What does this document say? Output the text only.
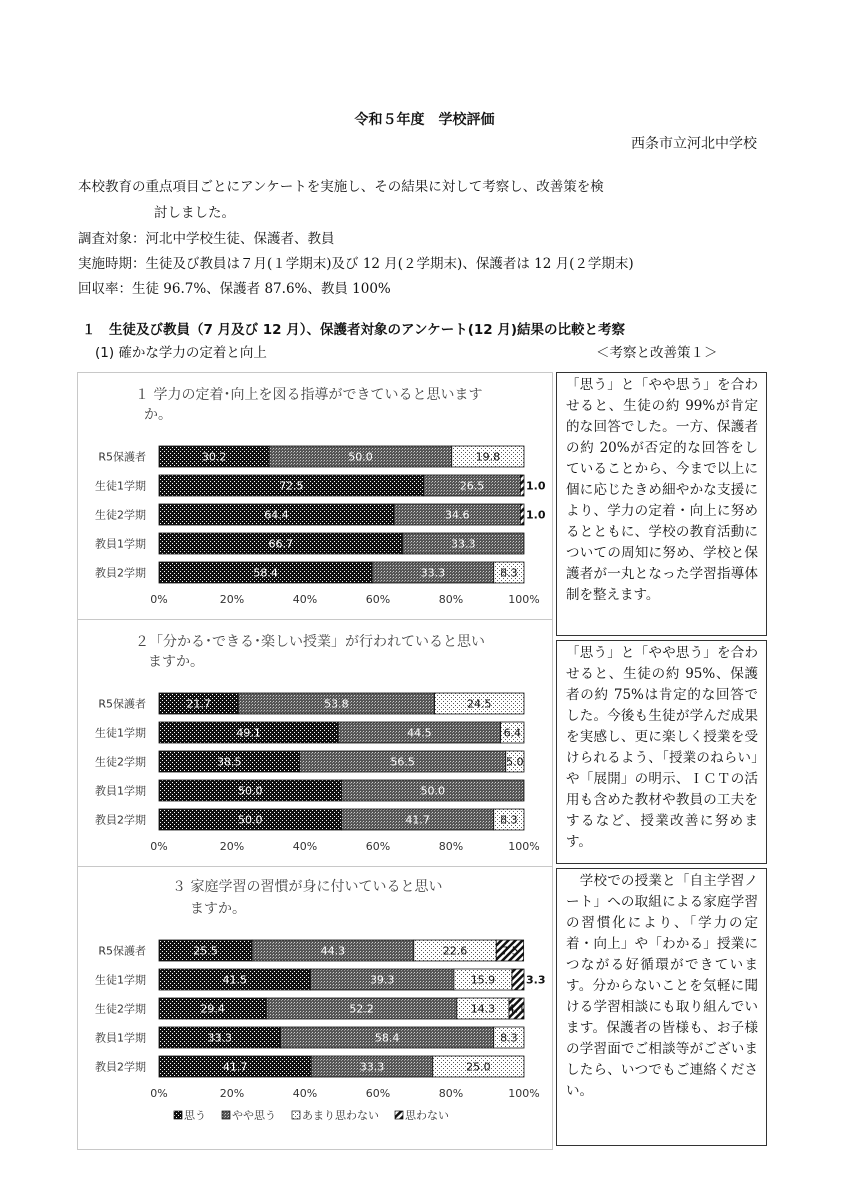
令和５年度　学校評価
西条市立河北中学校
本校教育の重点項目ごとにアンケートを実施し、その結果に対して考察し、改善策を検
討しました。
調査対象：河北中学校生徒、保護者、教員
実施時期：生徒及び教員は７月(１学期末)及び 12 月(２学期末)、保護者は 12 月(２学期末)
回収率：生徒 96.7%、保護者 87.6%、教員 100%
１　生徒及び教員（7 月及び 12 月）、保護者対象のアンケート(12 月)結果の比較と考察
(1) 確かな学力の定着と向上	＜考察と改善策１＞
１ 学力の定着･向上を図る指導ができていると思います
か。
R5保護者	30.2	50.0	19.8
生徒1学期	72.5	26.5	1.0
生徒2学期	64.4	34.6	1.0
教員1学期	66.7	33.3
教員2学期	58.4	33.3	8.3
0%	20%	40%	60%	80%	100%
２「分かる･できる･楽しい授業」が行われていると思い
ますか。
R5保護者	21.7	53.8	24.5
生徒1学期	49.1	44.5	6.4
生徒2学期	38.5	56.5	5.0
教員1学期	50.0	50.0
教員2学期	50.0	41.7	8.3
0%	20%	40%	60%	80%	100%
３ 家庭学習の習慣が身に付いていると思い
ますか。
R5保護者	25.5	44.3	22.6	7.5
生徒1学期	41.5	39.3	15.9	3.3
生徒2学期	29.4	52.2	14.3 4.1
教員1学期	33.3	58.4	8.3
教員2学期	41.7	33.3	25.0
0%	20%	40%	60%	80%	100%
思う やや思う あまり思わない 思わない
「思う」と「やや思う」を合わせると、生徒の約 99%が肯定的な回答でした。一方、保護者の約 20%が否定的な回答をしていることから、今まで以上に個に応じたきめ細やかな支援により、学力の定着・向上に努めるとともに、学校の教育活動についての周知に努め、学校と保護者が一丸となった学習指導体制を整えます。
「思う」と「やや思う」を合わせると、生徒の約 95%、保護者の約 75%は肯定的な回答でした。今後も生徒が学んだ成果を実感し、更に楽しく授業を受けられるよう、「授業のねらい」や「展開」の明示、ＩＣＴの活用も含めた教材や教員の工夫をするなど、授業改善に努めます。
　学校での授業と「自主学習ノート」への取組による家庭学習の習慣化により、「学力の定着・向上」や「わかる」授業につながる好循環ができています。分からないことを気軽に聞ける学習相談にも取り組んでいます。保護者の皆様も、お子様の学習面でご相談等がございましたら、いつでもご連絡ください。
